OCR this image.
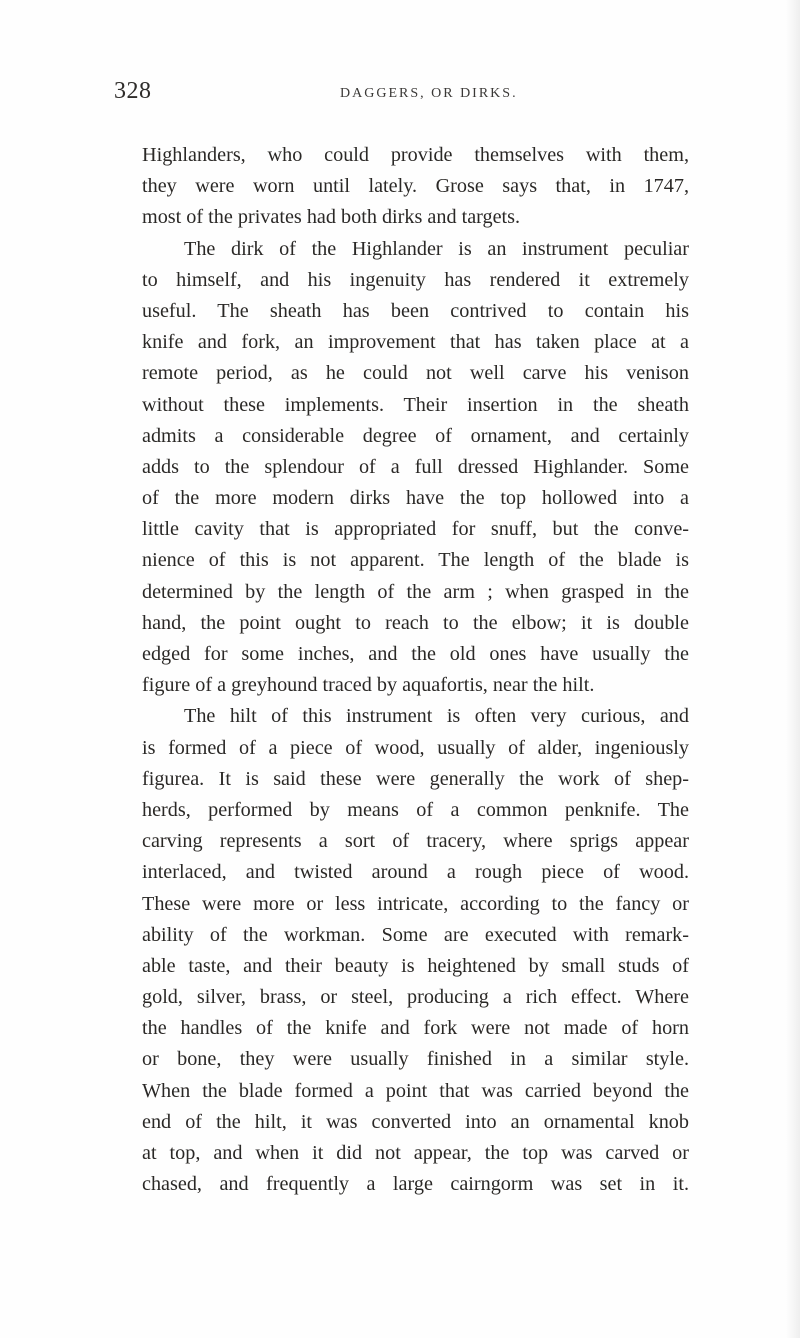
328	DAGGERS, OR DIRKS.
Highlanders, who could provide themselves with them,
they were worn until lately. Grose says that, in 1747,
most of the privates had both dirks and targets.
The dirk of the Highlander is an instrument peculiar
to himself, and his ingenuity has rendered it extremely
useful. The sheath has been contrived to contain his
knife and fork, an improvement that has taken place at a
remote period, as he could not well carve his venison
without these implements. Their insertion in the sheath
admits a considerable degree of ornament, and certainly
adds to the splendour of a full dressed Highlander. Some
of the more modern dirks have the top hollowed into a
little cavity that is appropriated for snuff, but the conve-
nience of this is not apparent. The length of the blade is
determined by the length of the arm ; when grasped in the
hand, the point ought to reach to the elbow; it is double
edged for some inches, and the old ones have usually the
figure of a greyhound traced by aquafortis, near the hilt.
The hilt of this instrument is often very curious, and
is formed of a piece of wood, usually of alder, ingeniously
figurea. It is said these were generally the work of shep-
herds, performed by means of a common penknife. The
carving represents a sort of tracery, where sprigs appear
interlaced, and twisted around a rough piece of wood.
These were more or less intricate, according to the fancy or
ability of the workman. Some are executed with remark-
able taste, and their beauty is heightened by small studs of
gold, silver, brass, or steel, producing a rich effect. Where
the handles of the knife and fork were not made of horn
or bone, they were usually finished in a similar style.
When the blade formed a point that was carried beyond the
end of the hilt, it was converted into an ornamental knob
at top, and when it did not appear, the top was carved or
chased, and frequently a large cairngorm was set in it.
